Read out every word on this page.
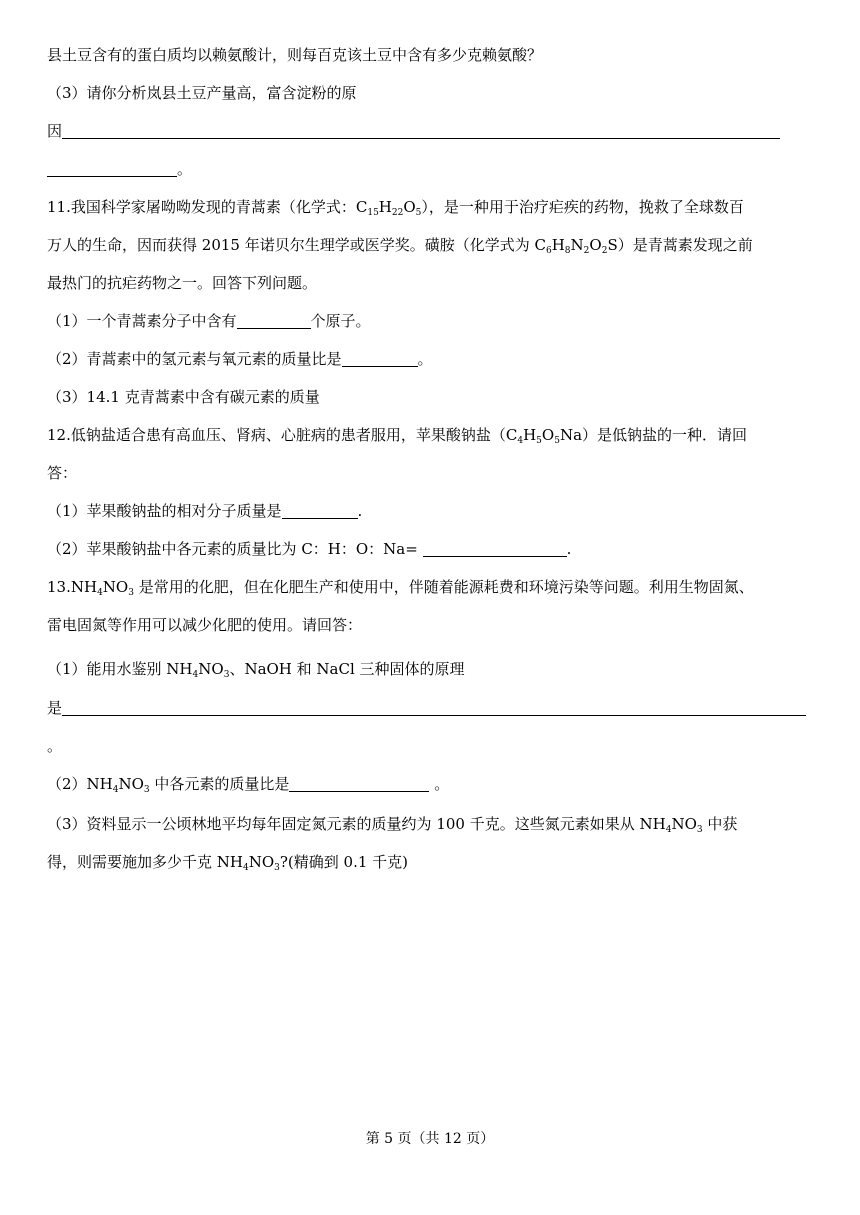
县土豆含有的蛋白质均以赖氨酸计，则每百克该土豆中含有多少克赖氨酸？
（3）请你分析岚县土豆产量高，富含淀粉的原
因
。
11.我国科学家屠呦呦发现的青蒿素（化学式：$C_{15}H_{22}O_5$），是一种用于治疗疟疾的药物，挽救了全球数百
万人的生命，因而获得 2015 年诺贝尔生理学或医学奖。磺胺（化学式为 $C_6H_8N_2O_2S$）是青蒿素发现之前
最热门的抗疟药物之一。回答下列问题。
（1）一个青蒿素分子中含有	个原子。
（2）青蒿素中的氢元素与氧元素的质量比是	。
（3）14.1 克青蒿素中含有碳元素的质量
12.低钠盐适合患有高血压、肾病、心脏病的患者服用，苹果酸钠盐$(C_4H_5O_5Na)$是低钠盐的一种．请回
答：
（1）苹果酸钠盐的相对分子质量是	.
（2）苹果酸钠盐中各元素的质量比为 C：H：O：Na=	.
$13.NH_4NO_3$ 是常用的化肥，但在化肥生产和使用中，伴随着能源耗费和环境污染等问题。利用生物固氮、
雷电固氮等作用可以减少化肥的使用。请回答：
（1）能用水鉴别 $NH_4NO_3$、NaOH 和 NaCl 三种固体的原理
是
。
$(2)NH_4NO_3$ 中各元素的质量比是	。
（3）资料显示一公顷林地平均每年固定氮元素的质量约为 100 千克。这些氮元素如果从 $NH_4NO_3$ 中获
得，则需要施加多少千克 $NH_4NO_3$?(精确到 0.1 千克)
第 5 页（共 12 页）
